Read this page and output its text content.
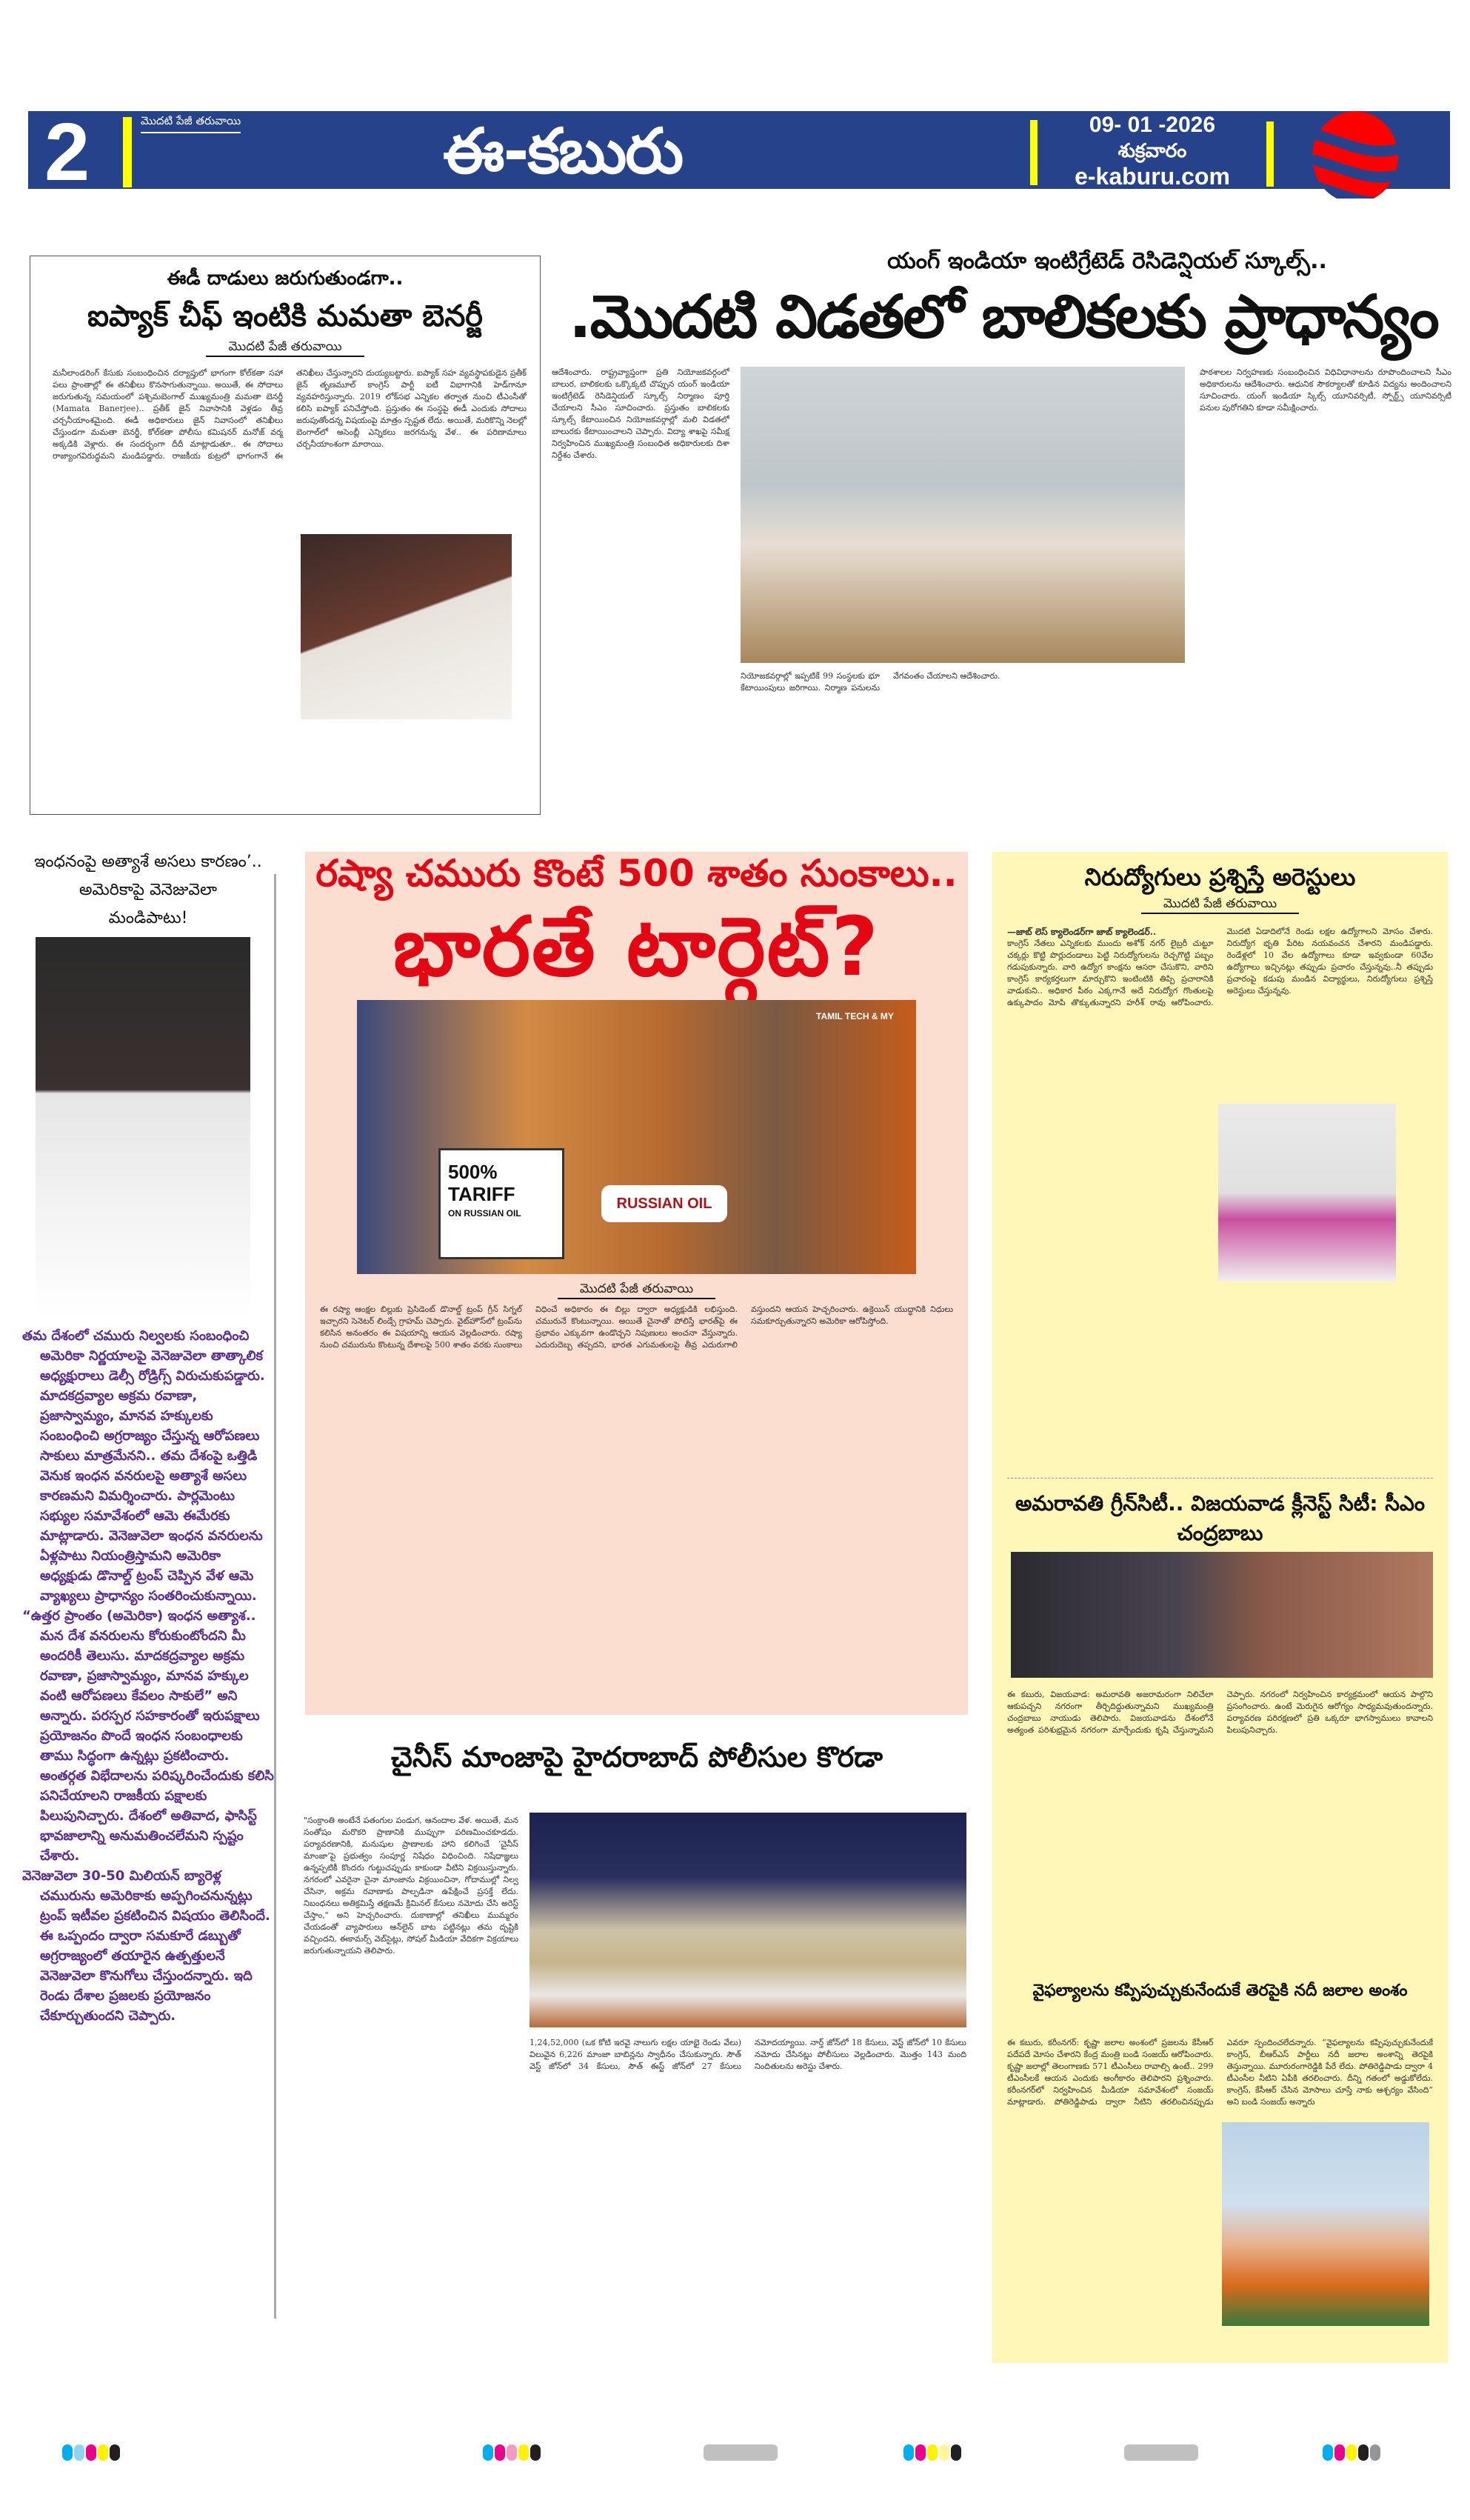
2	మొదటి పేజీ తరువాయి	ఈ-కబురు	09- 01 -2026
శుక్రవారం
e-kaburu.com
ఈడీ దాడులు జరుగుతుండగా..
ఐప్యాక్ చీఫ్ ఇంటికి మమతా బెనర్జీ
మొదటి పేజీ తరువాయి
మనీలాండరింగ్ కేసుకు సంబంధించిన దర్యాప్తులో భాగంగా కోల్‌కతా సహా పలు ప్రాంతాల్లో ఈ తనిఖీలు కొనసాగుతున్నాయి. అయితే, ఈ సోదాలు జరుగుతున్న సమయంలో పశ్చిమబెంగాల్ ముఖ్యమంత్రి మమతా బెనర్జీ (Mamata Banerjee).. ప్రతీక్ జైన్ నివాసానికి వెళ్లడం తీవ్ర చర్చనీయాంశమైంది. ఈడీ అధికారులు జైన్ నివాసంలో తనిఖీలు చేస్తుండగా మమతా బెనర్జీ, కోల్‌కతా పోలీసు కమిషనర్ మనోజ్ వర్మ అక్కడికి వెళ్లారు. ఈ సందర్భంగా దీదీ మాట్లాడుతూ.. ఈ సోదాలు రాజ్యాంగవిరుద్ధమని మండిపడ్డారు. రాజకీయ కుట్రలో భాగంగానే ఈ తనిఖీలు చేస్తున్నారని దుయ్యబట్టారు. ఐప్యాక్ సహ వ్యవస్థాపకుడైన ప్రతీక్ జైన్ తృణమూల్ కాంగ్రెస్ పార్టీ ఐటీ విభాగానికి హెడ్‌గానూ వ్యవహరిస్తున్నారు. 2019 లోక్‌సభ ఎన్నికల తర్వాత నుంచి టీఎంసీతో కలిసి ఐప్యాక్ పనిచేస్తోంది. ప్రస్తుతం ఈ సంస్థపై ఈడీ ఎందుకు సోదాలు జరుపుతోందన్న విషయంపై మాత్రం స్పష్టత లేదు. అయితే, మరికొన్ని నెలల్లో బెంగాల్‌లో అసెంబ్లీ ఎన్నికలు జరగనున్న వేళ.. ఈ పరిణామాలు చర్చనీయాంశంగా మారాయి.
యంగ్ ఇండియా ఇంటిగ్రేటెడ్ రెసిడెన్షియల్ స్కూల్స్..
.మొదటి విడతలో బాలికలకు ప్రాధాన్యం
ఆదేశించారు. రాష్ట్రవ్యాప్తంగా ప్రతి నియోజకవర్గంలో బాలుర, బాలికలకు ఒక్కొక్కటి చొప్పున యంగ్ ఇండియా ఇంటిగ్రేటెడ్ రెసిడెన్షియల్ స్కూల్స్ నిర్మాణం పూర్తి చేయాలని సీఎం సూచించారు. ప్రస్తుతం బాలికలకు స్కూల్స్ కేటాయించిన నియోజకవర్గాల్లో మలి విడతలో బాలురకు కేటాయించాలని చెప్పారు. విద్యా శాఖపై సమీక్ష నిర్వహించిన ముఖ్యమంత్రి సంబంధిత అధికారులకు దిశా నిర్దేశం చేశారు.
నియోజకవర్గాల్లో ఇప్పటికే 99 సంస్థలకు భూ కేటాయింపులు జరిగాయి. నిర్మాణ పనులను వేగవంతం చేయాలని ఆదేశించారు.
పాఠశాలల నిర్వహణకు సంబంధించిన విధివిధానాలను రూపొందించాలని సీఎం అధికారులను ఆదేశించారు. ఆధునిక సౌకర్యాలతో కూడిన విద్యను అందించాలని సూచించారు. యంగ్ ఇండియా స్కిల్స్ యూనివర్సిటీ, స్పోర్ట్స్ యూనివర్సిటీ పనుల పురోగతిని కూడా సమీక్షించారు.
ఇంధనంపై అత్యాశే అసలు కారణం’..
అమెరికాపై వెనెజువెలా
మండిపాటు!

తమ దేశంలో చమురు నిల్వలకు సంబంధించి అమెరికా నిర్ణయాలపై వెనెజువెలా తాత్కాలిక అధ్యక్షురాలు డెల్సీ రోడ్రిగ్స్ విరుచుకుపడ్డారు. మాదకద్రవ్యాల అక్రమ రవాణా, ప్రజాస్వామ్యం, మానవ హక్కులకు సంబంధించి అగ్రరాజ్యం చేస్తున్న ఆరోపణలు సాకులు మాత్రమేనని.. తమ దేశంపై ఒత్తిడి వెనుక ఇంధన వనరులపై అత్యాశే అసలు కారణమని విమర్శించారు. పార్లమెంటు సభ్యుల సమావేశంలో ఆమె ఈమేరకు మాట్లాడారు. వెనెజువెలా ఇంధన వనరులను ఏళ్లపాటు నియంత్రిస్తామని అమెరికా అధ్యక్షుడు డొనాల్డ్ ట్రంప్ చెప్పిన వేళ ఆమె వ్యాఖ్యలు ప్రాధాన్యం సంతరించుకున్నాయి.

“ఉత్తర ప్రాంతం (అమెరికా) ఇంధన అత్యాశ.. మన దేశ వనరులను కోరుకుంటోందని మీ అందరికీ తెలుసు. మాదకద్రవ్యాల అక్రమ రవాణా, ప్రజాస్వామ్యం, మానవ హక్కుల వంటి ఆరోపణలు కేవలం సాకులే” అని అన్నారు. పరస్పర సహకారంతో ఇరుపక్షాలు ప్రయోజనం పొందే ఇంధన సంబంధాలకు తాము సిద్ధంగా ఉన్నట్లు ప్రకటించారు. అంతర్గత విభేదాలను పరిష్కరించేందుకు కలిసి పనిచేయాలని రాజకీయ పక్షాలకు పిలుపునిచ్చారు. దేశంలో అతివాద, ఫాసిస్ట్ భావజాలాన్ని అనుమతించలేమని స్పష్టం చేశారు.

వెనెజువెలా 30-50 మిలియన్ బ్యారెళ్ల చమురును అమెరికాకు అప్పగించనున్నట్లు ట్రంప్ ఇటీవల ప్రకటించిన విషయం తెలిసిందే. ఈ ఒప్పందం ద్వారా సమకూరే డబ్బుతో అగ్రరాజ్యంలో తయారైన ఉత్పత్తులనే వెనెజువెలా కొనుగోలు చేస్తుందన్నారు. ఇది రెండు దేశాల ప్రజలకు ప్రయోజనం చేకూర్చుతుందని చెప్పారు.

రష్యా చమురు కొంటే 500 శాతం సుంకాలు..
భారతే టార్గెట్?
500% TARIFF
ON RUSSIAN OIL
RUSSIAN OIL
TAMIL TECH & MY
మొదటి పేజీ తరువాయి
ఈ రష్యా ఆంక్షల బిల్లుకు ప్రెసిడెంట్ డొనాల్డ్ ట్రంప్ గ్రీన్ సిగ్నల్ ఇచ్చారని సెనెటర్ లిండ్సే గ్రాహమ్ చెప్పారు. వైట్‌హౌస్‌లో ట్రంప్‌ను కలిసిన అనంతరం ఈ విషయాన్ని ఆయన వెల్లడించారు. రష్యా నుంచి చమురును కొంటున్న దేశాలపై 500 శాతం వరకు సుంకాలు విధించే అధికారం ఈ బిల్లు ద్వారా అధ్యక్షుడికి లభిస్తుంది. చమురునే కొంటున్నాయి. అయితే చైనాతో పోలిస్తే భారత్‌పై ఈ ప్రభావం ఎక్కువగా ఉండొచ్చని నిపుణులు అంచనా వేస్తున్నారు. ఎదురుదెబ్బ తప్పదని, భారత ఎగుమతులపై తీవ్ర ఎదురుగాలి వస్తుందని ఆయన హెచ్చరించారు. ఉక్రెయిన్ యుద్ధానికి నిధులు సమకూర్చుతున్నారని అమెరికా ఆరోపిస్తోంది.
చైనీస్ మాంజాపై హైదరాబాద్ పోలీసుల కొరడా
"సంక్రాంతి అంటేనే పతంగుల పండుగ, ఆనందాల వేళ. అయితే, మన సంతోషం మరొకరి ప్రాణానికి ముప్పుగా పరిణమించకూడదు. పర్యావరణానికి, మనుషుల ప్రాణాలకు హాని కలిగించే ‘చైనీస్ మాంజా’పై ప్రభుత్వం సంపూర్ణ నిషేధం విధించింది. నిషేధాజ్ఞలు ఉన్నప్పటికీ కొందరు గుట్టుచప్పుడు కాకుండా వీటిని విక్రయిస్తున్నారు. నగరంలో ఎవరైనా చైనా మాంజాను విక్రయించినా, గోదాముల్లో నిల్వ చేసినా, అక్రమ రవాణాకు పాల్పడినా ఉపేక్షించే ప్రసక్తే లేదు. నిబంధనలు అతిక్రమిస్తే తక్షణమే క్రిమినల్ కేసులు నమోదు చేసి అరెస్ట్ చేస్తాం," అని హెచ్చరించారు. దుకాణాల్లో తనిఖీలు ముమ్మరం చేయడంతో వ్యాపారులు ఆన్‌లైన్ బాట పట్టినట్లు తమ దృష్టికి వచ్చిందని, ఈకామర్స్ వెబ్‌సైట్లు, సోషల్ మీడియా వేదికగా విక్రయాలు జరుగుతున్నాయని తెలిపారు.
1,24,52,000 (ఒక కోటి ఇరవై నాలుగు లక్షల యాభై రెండు వేలు) విలువైన 6,226 మాంజా బాబిన్లను స్వాధీనం చేసుకున్నారు. సౌత్ వెస్ట్ జోన్‌లో 34 కేసులు, సౌత్ ఈస్ట్ జోన్‌లో 27 కేసులు నమోదయ్యాయి. నార్త్ జోన్‌లో 18 కేసులు, వెస్ట్ జోన్‌లో 10 కేసులు నమోదు చేసినట్లు పోలీసులు వెల్లడించారు. మొత్తం 143 మంది నిందితులను అరెస్టు చేశారు.
నిరుద్యోగులు ప్రశ్నిస్తే అరెస్టులు
మొదటి పేజీ తరువాయి
—జాబ్ లెస్ క్యాలెండర్‌గా జాబ్ క్యాలెండర్..
కాంగ్రెస్ నేతలు ఎన్నికలకు ముందు అశోక్ నగర్ లైబ్రరీ చుట్టూ చక్కర్లు కొట్టి పొర్లుదండాలు పెట్టి నిరుద్యోగులను రెచ్చగొట్టి పబ్బం గడుపుకున్నారు. వారి ఉద్యోగ కాంక్షను ఆసరా చేసుకొని, వారిని కాంగ్రెస్ కార్యకర్తలుగా మార్చుకొని ఇంటింటికి తిప్పి ప్రచారానికి వాడుకుని.. అధికార పీఠం ఎక్కగానే అదే నిరుద్యోగ గొంతులపై ఉక్కుపాదం మోపి తొక్కుతున్నారని హరీశ్ రావు ఆరోపించారు. మొదటి ఏడాదిలోనే రెండు లక్షల ఉద్యోగాలని మోసం చేశారు. నిరుద్యోగ భృతి పేరిట నయవంచన చేశారని మండిపడ్డారు. రెండేళ్లలో 10 వేల ఉద్యోగాలు కూడా ఇవ్వకుండా 60వేల ఉద్యోగాలు ఇచ్చినట్లు తప్పుడు ప్రచారం చేస్తున్నవు..నీ తప్పుడు ప్రచారంపై కడుపు మండిన విద్యార్థులు, నిరుద్యోగులు ప్రశ్నిస్తే అరెస్టులు చేస్తున్నవు.
అమరావతి గ్రీన్‌సిటీ.. విజయవాడ క్లీనెస్ట్ సిటీ: సీఎం చంద్రబాబు
ఈ కబురు, విజయవాడ: అమరావతి అజరామరంగా నిలిచేలా ఆకుపచ్చని నగరంగా తీర్చిదిద్దుతున్నామని ముఖ్యమంత్రి చంద్రబాబు నాయుడు తెలిపారు. విజయవాడను దేశంలోనే అత్యంత పరిశుభ్రమైన నగరంగా మార్చేందుకు కృషి చేస్తున్నామని చెప్పారు. నగరంలో నిర్వహించిన కార్యక్రమంలో ఆయన పాల్గొని ప్రసంగించారు. ఉంటే మెరుగైన ఆరోగ్యం సాధ్యమవుతుందన్నారు. పర్యావరణ పరిరక్షణలో ప్రతి ఒక్కరూ భాగస్వాములు కావాలని పిలుపునిచ్చారు.
వైఫల్యాలను కప్పిపుచ్చుకునేందుకే తెరపైకి నదీ జలాల అంశం
ఈ కబురు, కరీంనగర్: కృష్ణా జలాల అంశంలో ప్రజలను కేసీఆర్ పదేపదే మోసం చేశారని కేంద్ర మంత్రి బండి సంజయ్ ఆరోపించారు. కృష్ణా జలాల్లో తెలంగాణకు 571 టీఎంసీలు రావాల్సి ఉంటే.. 299 టీఎంసీలకే ఆయన ఎందుకు అంగీకారం తెలిపారని ప్రశ్నించారు. కరీంనగర్‌లో నిర్వహించిన మీడియా సమావేశంలో సంజయ్ మాట్లాడారు. పోతిరెడ్డిపాడు ద్వారా నీటిని తరలించినప్పుడు ఎవరూ స్పందించలేదన్నారు. “వైఫల్యాలను కప్పిపుచ్చుకునేందుకే కాంగ్రెస్, బీఆర్ఎస్ పార్టీలు నదీ జలాల అంశాన్ని తెరపైకి తెస్తున్నాయి. మూరురంగారెడ్డికి పేరే లేదు. పోతిరెడ్డిపాడు ద్వారా 4 టీఎంసీల నీటిని ఏపీకి తరలించారు. దీన్ని గతంలో అడ్డుకోలేదు. కాంగ్రెస్, కేసీఆర్ చేసిన మోసాలు చూస్తే నాకు ఆశ్చర్యం వేసింది” అని బండి సంజయ్ అన్నారు
